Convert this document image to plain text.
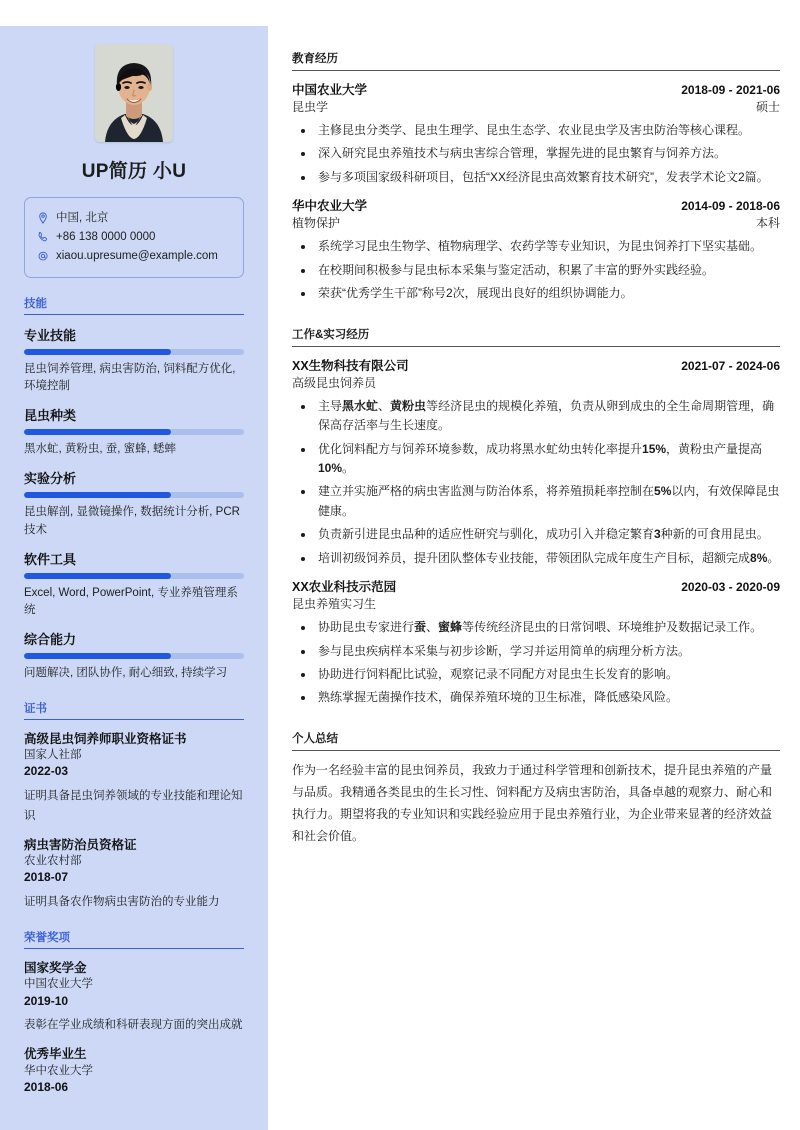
UP简历 小U
中国, 北京
+86 138 0000 0000
xiaou.upresume@example.com
技能
专业技能
昆虫饲养管理, 病虫害防治, 饲料配方优化, 环境控制
昆虫种类
黑水虻, 黄粉虫, 蚕, 蜜蜂, 蟋蟀
实验分析
昆虫解剖, 显微镜操作, 数据统计分析, PCR技术
软件工具
Excel, Word, PowerPoint, 专业养殖管理系统
综合能力
问题解决, 团队协作, 耐心细致, 持续学习
证书
高级昆虫饲养师职业资格证书
国家人社部
2022-03
证明具备昆虫饲养领域的专业技能和理论知识
病虫害防治员资格证
农业农村部
2018-07
证明具备农作物病虫害防治的专业能力
荣誉奖项
国家奖学金
中国农业大学
2019-10
表彰在学业成绩和科研表现方面的突出成就
优秀毕业生
华中农业大学
2018-06
教育经历
中国农业大学	2018-09 - 2021-06
昆虫学	硕士
主修昆虫分类学、昆虫生理学、昆虫生态学、农业昆虫学及害虫防治等核心课程。
深入研究昆虫养殖技术与病虫害综合管理，掌握先进的昆虫繁育与饲养方法。
参与多项国家级科研项目，包括“XX经济昆虫高效繁育技术研究”，发表学术论文2篇。
华中农业大学	2014-09 - 2018-06
植物保护	本科
系统学习昆虫生物学、植物病理学、农药学等专业知识，为昆虫饲养打下坚实基础。
在校期间积极参与昆虫标本采集与鉴定活动，积累了丰富的野外实践经验。
荣获“优秀学生干部”称号2次，展现出良好的组织协调能力。
工作&实习经历
XX生物科技有限公司	2021-07 - 2024-06
高级昆虫饲养员
主导黑水虻、黄粉虫等经济昆虫的规模化养殖，负责从卵到成虫的全生命周期管理，确保高存活率与生长速度。
优化饲料配方与饲养环境参数，成功将黑水虻幼虫转化率提升15%，黄粉虫产量提高10%。
建立并实施严格的病虫害监测与防治体系，将养殖损耗率控制在5%以内，有效保障昆虫健康。
负责新引进昆虫品种的适应性研究与驯化，成功引入并稳定繁育3种新的可食用昆虫。
培训初级饲养员，提升团队整体专业技能，带领团队完成年度生产目标，超额完成8%。
XX农业科技示范园	2020-03 - 2020-09
昆虫养殖实习生
协助昆虫专家进行蚕、蜜蜂等传统经济昆虫的日常饲喂、环境维护及数据记录工作。
参与昆虫疾病样本采集与初步诊断，学习并运用简单的病理分析方法。
协助进行饲料配比试验，观察记录不同配方对昆虫生长发育的影响。
熟练掌握无菌操作技术，确保养殖环境的卫生标准，降低感染风险。
个人总结
作为一名经验丰富的昆虫饲养员，我致力于通过科学管理和创新技术，提升昆虫养殖的产量与品质。我精通各类昆虫的生长习性、饲料配方及病虫害防治，具备卓越的观察力、耐心和执行力。期望将我的专业知识和实践经验应用于昆虫养殖行业，为企业带来显著的经济效益和社会价值。
